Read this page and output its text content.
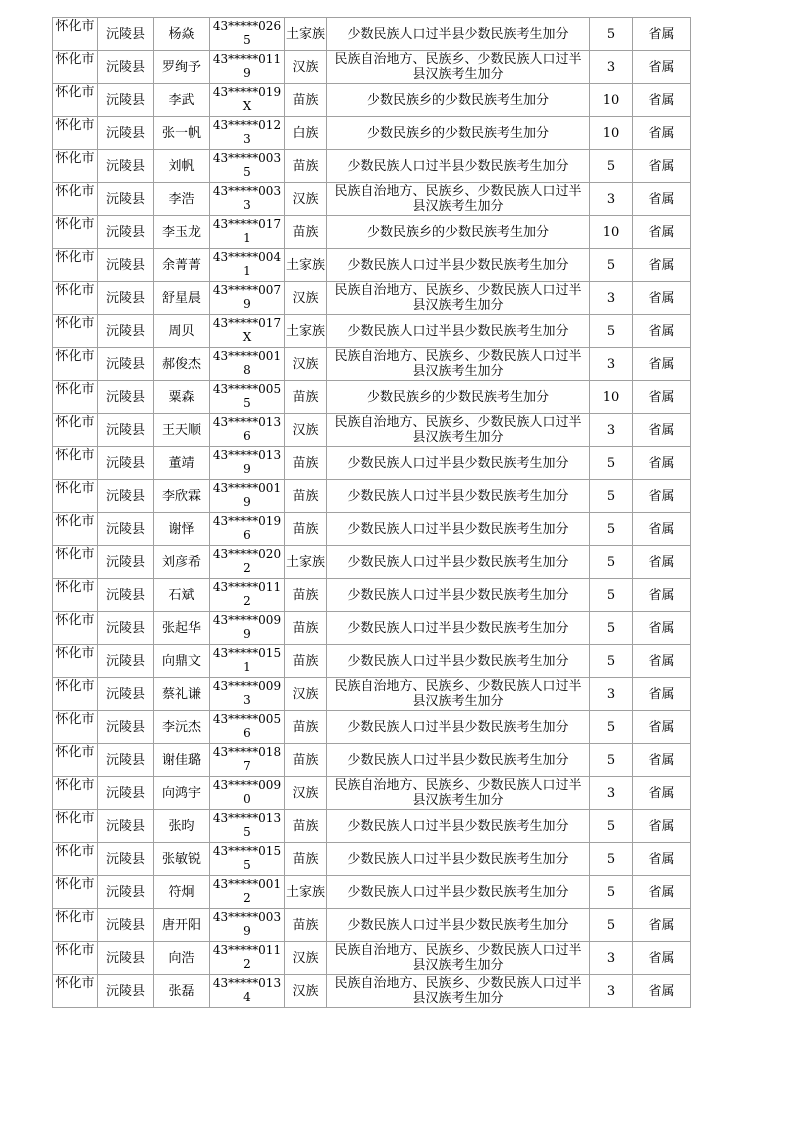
怀化市	沅陵县	杨焱	43*****0265	土家族	少数民族人口过半县少数民族考生加分	5	省属
怀化市	沅陵县	罗绚予	43*****0119	汉族	民族自治地方、民族乡、少数民族人口过半县汉族考生加分	3	省属
怀化市	沅陵县	李武	43*****019X	苗族	少数民族乡的少数民族考生加分	10	省属
怀化市	沅陵县	张一帆	43*****0123	白族	少数民族乡的少数民族考生加分	10	省属
怀化市	沅陵县	刘帆	43*****0035	苗族	少数民族人口过半县少数民族考生加分	5	省属
怀化市	沅陵县	李浩	43*****0033	汉族	民族自治地方、民族乡、少数民族人口过半县汉族考生加分	3	省属
怀化市	沅陵县	李玉龙	43*****0171	苗族	少数民族乡的少数民族考生加分	10	省属
怀化市	沅陵县	余菁菁	43*****0041	土家族	少数民族人口过半县少数民族考生加分	5	省属
怀化市	沅陵县	舒星晨	43*****0079	汉族	民族自治地方、民族乡、少数民族人口过半县汉族考生加分	3	省属
怀化市	沅陵县	周贝	43*****017X	土家族	少数民族人口过半县少数民族考生加分	5	省属
怀化市	沅陵县	郝俊杰	43*****0018	汉族	民族自治地方、民族乡、少数民族人口过半县汉族考生加分	3	省属
怀化市	沅陵县	粟森	43*****0055	苗族	少数民族乡的少数民族考生加分	10	省属
怀化市	沅陵县	王天顺	43*****0136	汉族	民族自治地方、民族乡、少数民族人口过半县汉族考生加分	3	省属
怀化市	沅陵县	董靖	43*****0139	苗族	少数民族人口过半县少数民族考生加分	5	省属
怀化市	沅陵县	李欣霖	43*****0019	苗族	少数民族人口过半县少数民族考生加分	5	省属
怀化市	沅陵县	谢怿	43*****0196	苗族	少数民族人口过半县少数民族考生加分	5	省属
怀化市	沅陵县	刘彦希	43*****0202	土家族	少数民族人口过半县少数民族考生加分	5	省属
怀化市	沅陵县	石斌	43*****0112	苗族	少数民族人口过半县少数民族考生加分	5	省属
怀化市	沅陵县	张起华	43*****0099	苗族	少数民族人口过半县少数民族考生加分	5	省属
怀化市	沅陵县	向鼎文	43*****0151	苗族	少数民族人口过半县少数民族考生加分	5	省属
怀化市	沅陵县	蔡礼谦	43*****0093	汉族	民族自治地方、民族乡、少数民族人口过半县汉族考生加分	3	省属
怀化市	沅陵县	李沅杰	43*****0056	苗族	少数民族人口过半县少数民族考生加分	5	省属
怀化市	沅陵县	谢佳璐	43*****0187	苗族	少数民族人口过半县少数民族考生加分	5	省属
怀化市	沅陵县	向鸿宇	43*****0090	汉族	民族自治地方、民族乡、少数民族人口过半县汉族考生加分	3	省属
怀化市	沅陵县	张昀	43*****0135	苗族	少数民族人口过半县少数民族考生加分	5	省属
怀化市	沅陵县	张敏锐	43*****0155	苗族	少数民族人口过半县少数民族考生加分	5	省属
怀化市	沅陵县	符炯	43*****0012	土家族	少数民族人口过半县少数民族考生加分	5	省属
怀化市	沅陵县	唐开阳	43*****0039	苗族	少数民族人口过半县少数民族考生加分	5	省属
怀化市	沅陵县	向浩	43*****0112	汉族	民族自治地方、民族乡、少数民族人口过半县汉族考生加分	3	省属
怀化市	沅陵县	张磊	43*****0134	汉族	民族自治地方、民族乡、少数民族人口过半县汉族考生加分	3	省属
